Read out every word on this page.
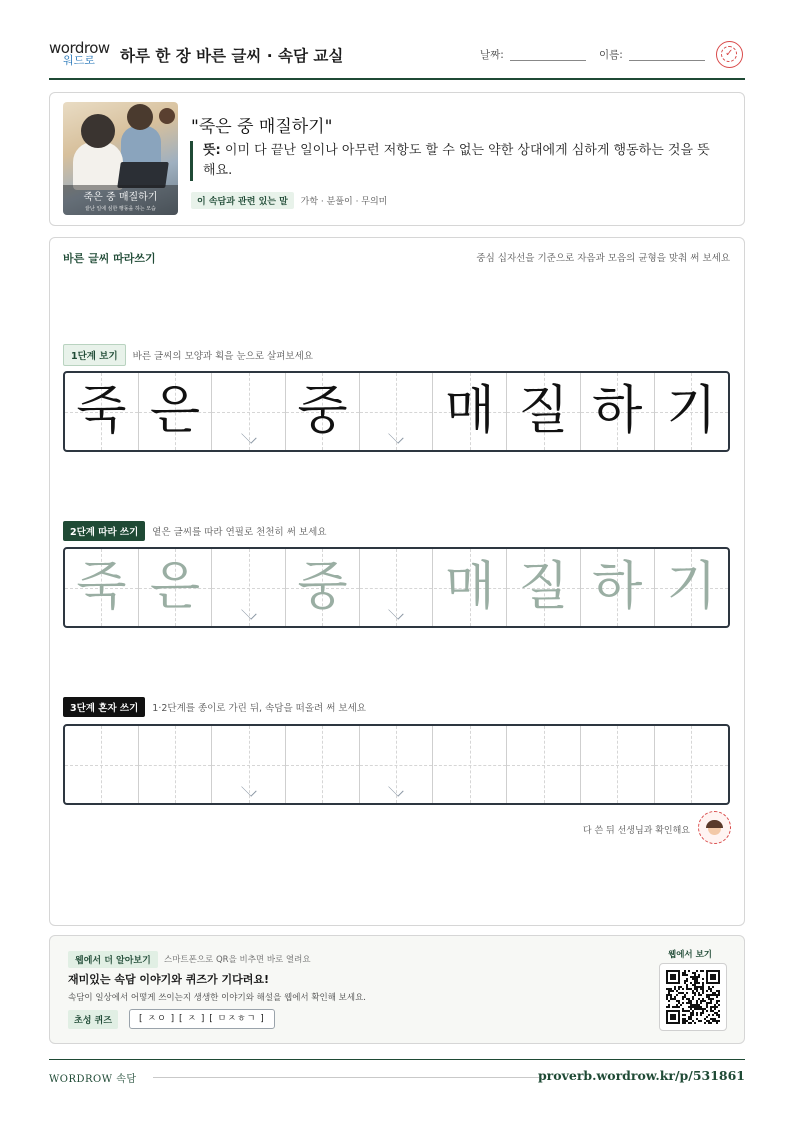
wordrow
워드로	하루 한 장 바른 글씨 · 속담 교실	날짜:	이름:	✓
죽은 중 매질하기
끝난 일에 심한 행동을 하는 모습
"죽은 중 매질하기"
뜻: 이미 다 끝난 일이나 아무런 저항도 할 수 없는 약한 상대에게 심하게 행동하는 것을 뜻해요.
이 속담과 관련 있는 말 가학 · 분풀이 · 무의미
바른 글씨 따라쓰기	중심 십자선을 기준으로 자음과 모음의 균형을 맞춰 써 보세요
1단계 보기 바른 글씨의 모양과 획을 눈으로 살펴보세요
죽 은 중 매 질 하 기
2단계 따라 쓰기 옅은 글씨를 따라 연필로 천천히 써 보세요
죽 은 중 매 질 하 기
3단계 혼자 쓰기 1·2단계를 종이로 가린 뒤, 속담을 떠올려 써 보세요
다 쓴 뒤 선생님과 확인해요
웹에서 더 알아보기	스마트폰으로 QR을 비추면 바로 열려요
재미있는 속담 이야기와 퀴즈가 기다려요!
속담이 일상에서 어떻게 쓰이는지 생생한 이야기와 해설을 웹에서 확인해 보세요.
초성 퀴즈	[ ㅈㅇ ] [ ㅈ ] [ ㅁㅈㅎㄱ ]
웹에서 보기
WORDROW 속담	proverb.wordrow.kr/p/531861
